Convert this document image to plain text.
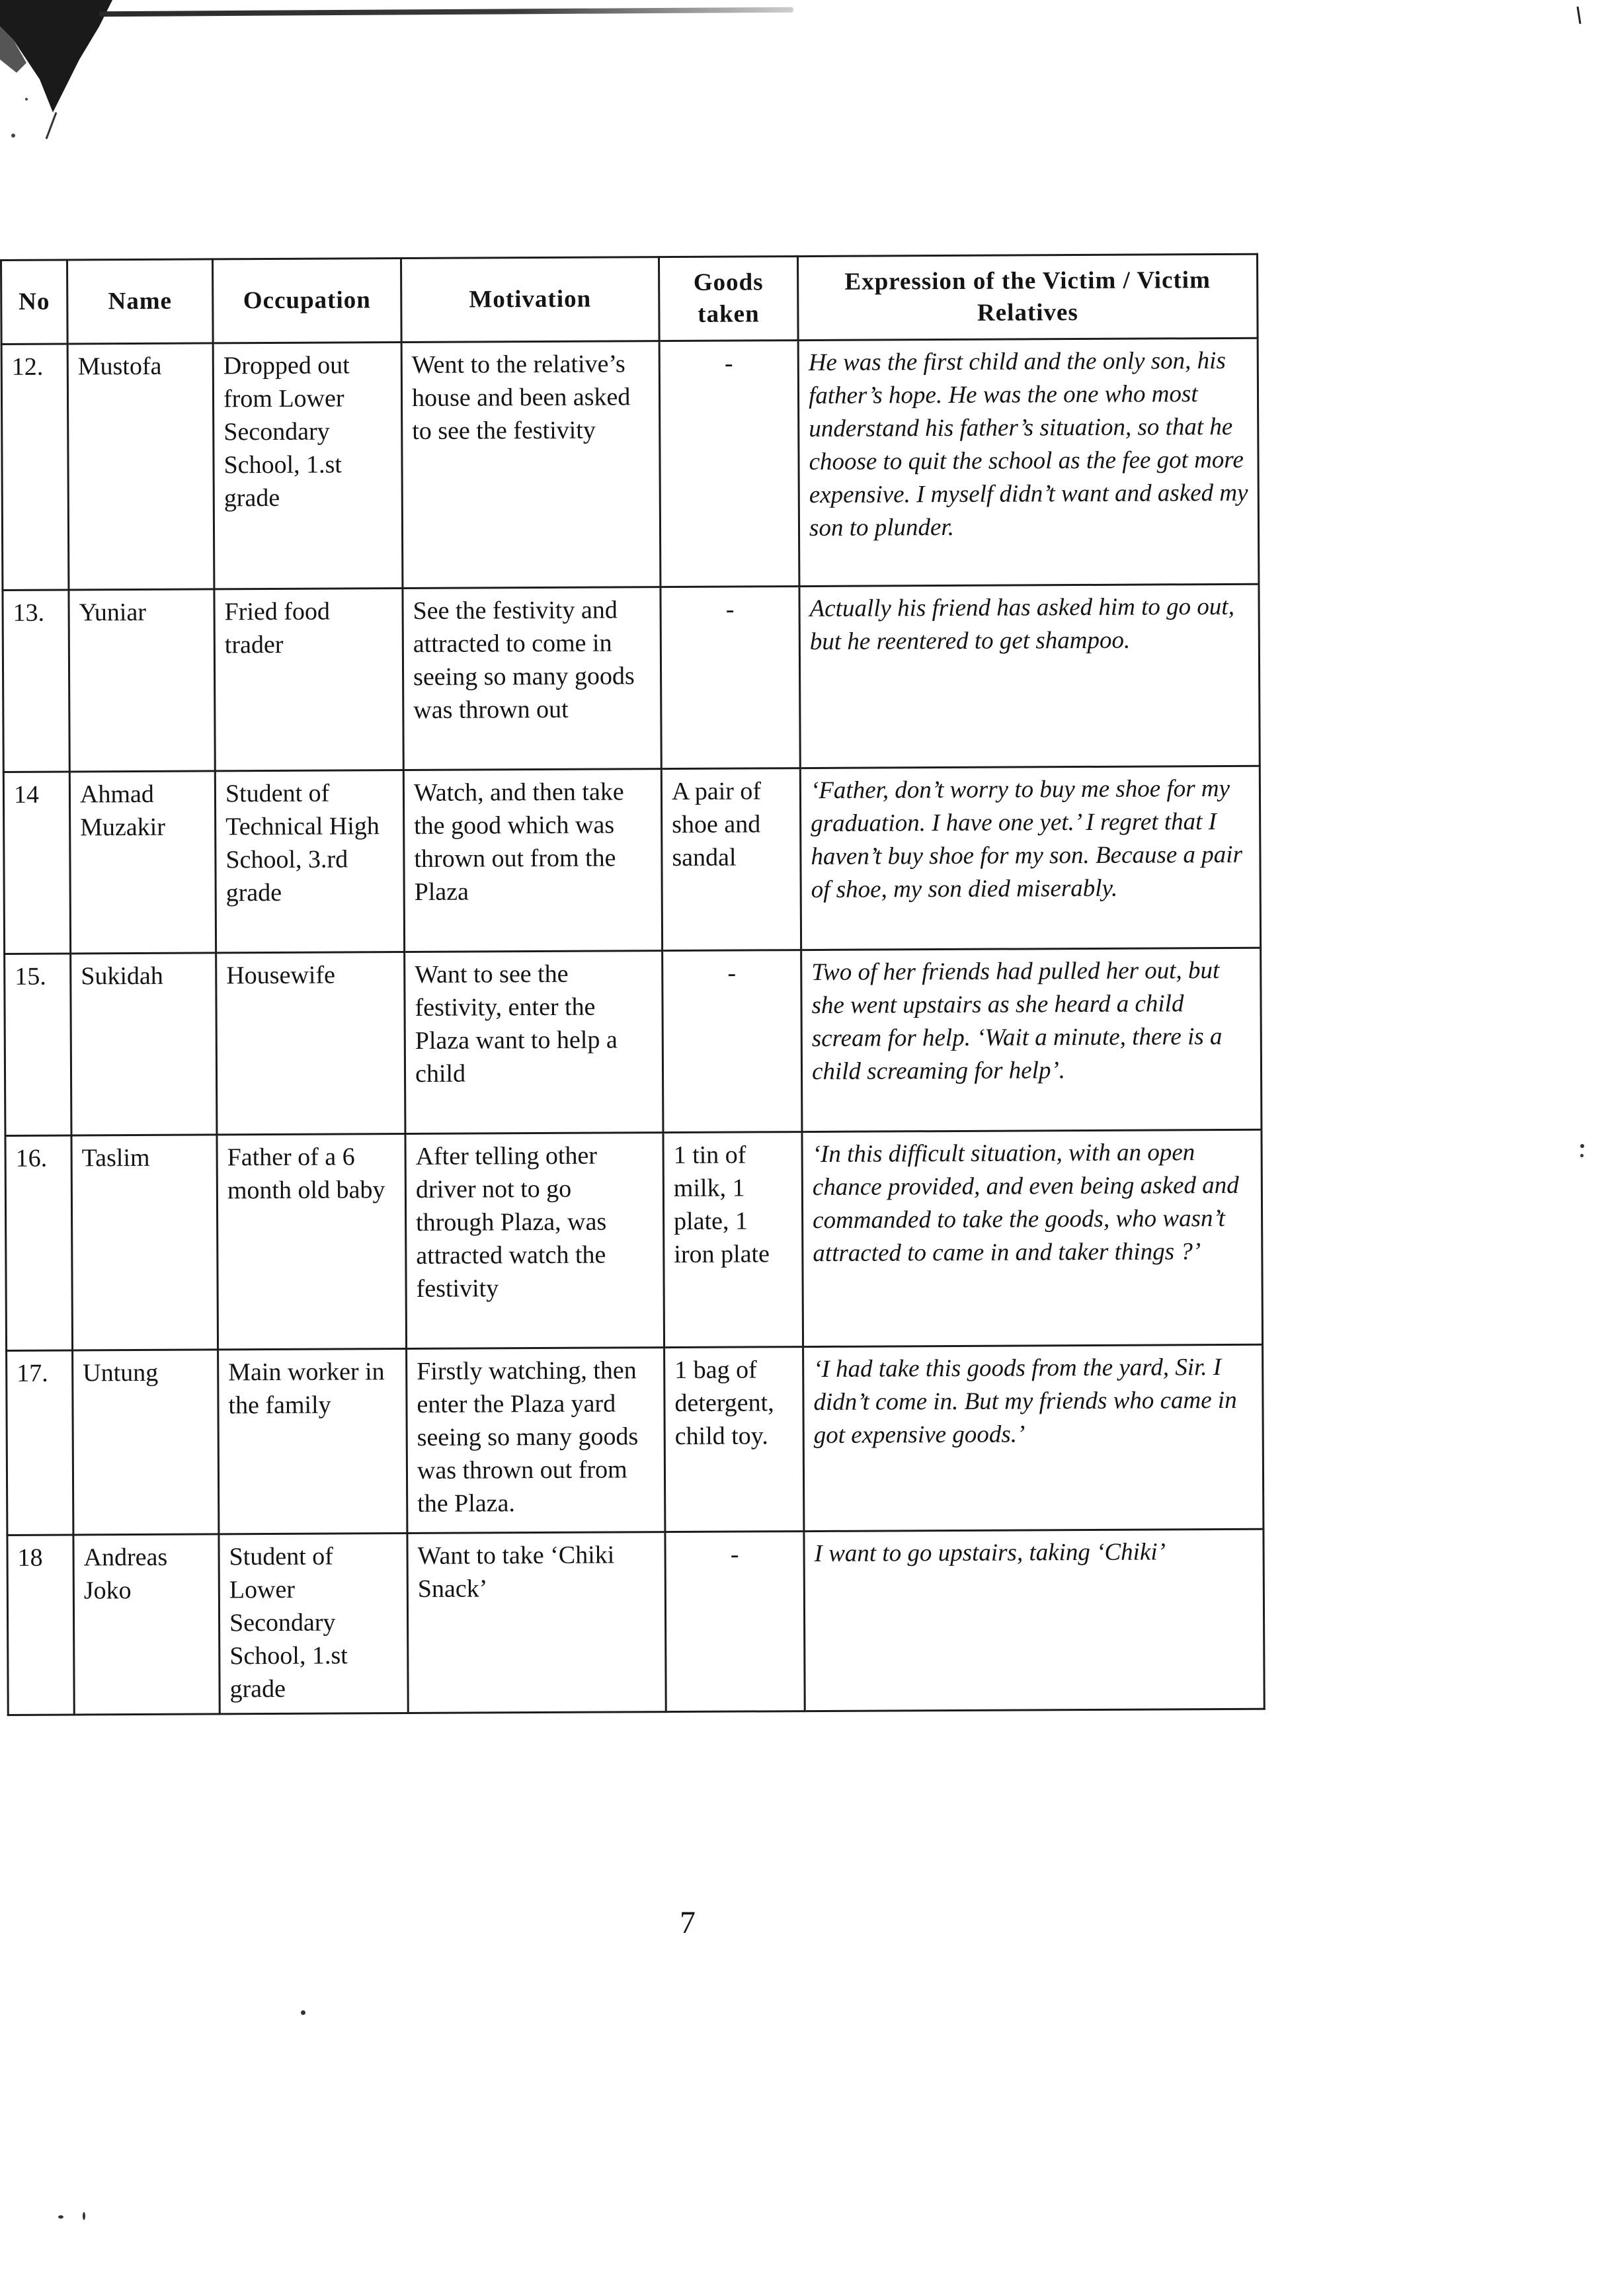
No	Name	Occupation	Motivation	Goods taken	Expression of the Victim / Victim Relatives
12.	Mustofa	Dropped out from Lower Secondary School, 1.st grade	Went to the relative’s house and been asked to see the festivity	-	He was the first child and the only son, his father’s hope. He was the one who most understand his father’s situation, so that he choose to quit the school as the fee got more expensive. I myself didn’t want and asked my son to plunder.
13.	Yuniar	Fried food trader	See the festivity and attracted to come in seeing so many goods was thrown out	-	Actually his friend has asked him to go out, but he reentered to get shampoo.
14	Ahmad Muzakir	Student of Technical High School, 3.rd grade	Watch, and then take the good which was thrown out from the Plaza	A pair of shoe and sandal	‘Father, don’t worry to buy me shoe for my graduation. I have one yet.’ I regret that I haven’t buy shoe for my son. Because a pair of shoe, my son died miserably.
15.	Sukidah	Housewife	Want to see the festivity, enter the Plaza want to help a child	-	Two of her friends had pulled her out, but she went upstairs as she heard a child scream for help. ‘Wait a minute, there is a child screaming for help’.
16.	Taslim	Father of a 6 month old baby	After telling other driver not to go through Plaza, was attracted watch the festivity	1 tin of milk, 1 plate, 1 iron plate	‘In this difficult situation, with an open chance provided, and even being asked and commanded to take the goods, who wasn’t attracted to came in and taker things ?’
17.	Untung	Main worker in the family	Firstly watching, then enter the Plaza yard seeing so many goods was thrown out from the Plaza.	1 bag of detergent, child toy.	‘I had take this goods from the yard, Sir. I didn’t come in. But my friends who came in got expensive goods.’
18	Andreas Joko	Student of Lower Secondary School, 1.st grade	Want to take ‘Chiki Snack’	-	I want to go upstairs, taking ‘Chiki’
7
